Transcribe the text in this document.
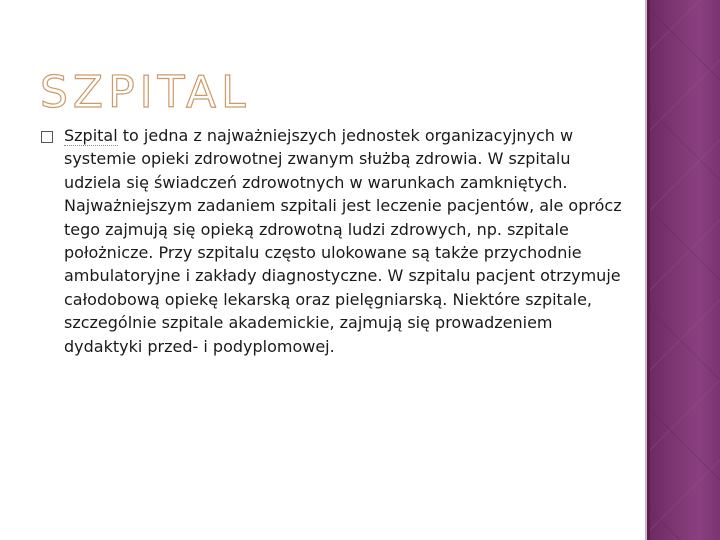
SZPITAL

Szpital to jedna z najważniejszych jednostek organizacyjnych w systemie opieki zdrowotnej zwanym służbą zdrowia. W szpitalu udziela się świadczeń zdrowotnych w warunkach zamkniętych. Najważniejszym zadaniem szpitali jest leczenie pacjentów, ale oprócz tego zajmują się opieką zdrowotną ludzi zdrowych, np. szpitale położnicze. Przy szpitalu często ulokowane są także przychodnie ambulatoryjne i zakłady diagnostyczne. W szpitalu pacjent otrzymuje całodobową opiekę lekarską oraz pielęgniarską. Niektóre szpitale, szczególnie szpitale akademickie, zajmują się prowadzeniem dydaktyki przed- i podyplomowej.
